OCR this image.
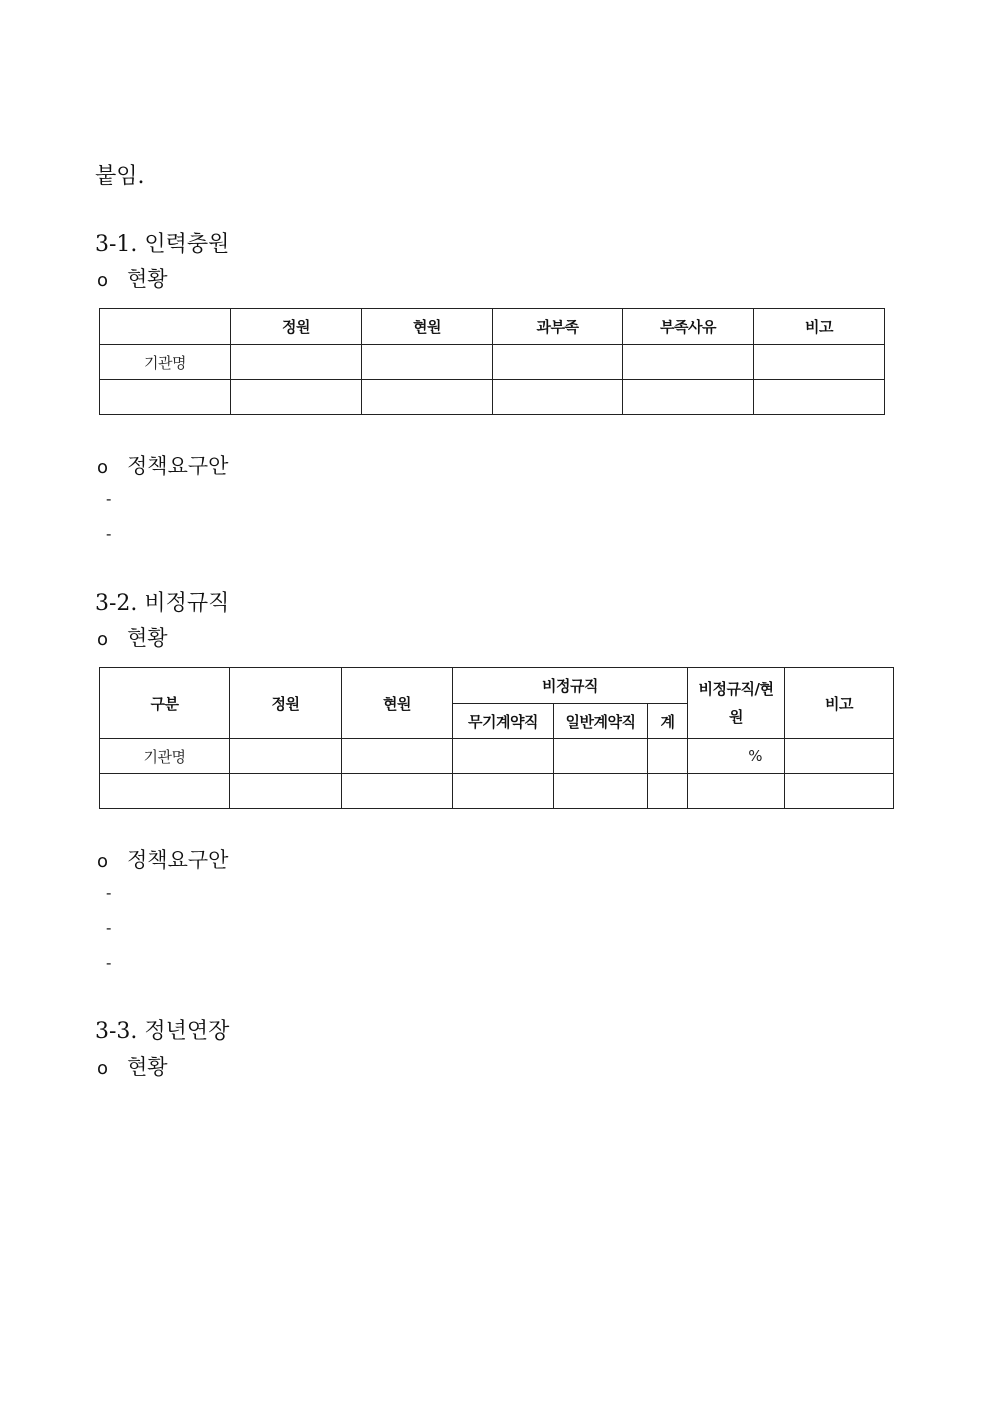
붙임.
3-1. 인력충원
o 현황
	정원	현원	과부족	부족사유	비고
기관명					

o 정책요구안
-
-
3-2. 비정규직
o 현황
구분	정원	현원	비정규직			비정규직/현원	비고
			무기계약직	일반계약직	계		
기관명						%	

o 정책요구안
-
-
-
3-3. 정년연장
o 현황
